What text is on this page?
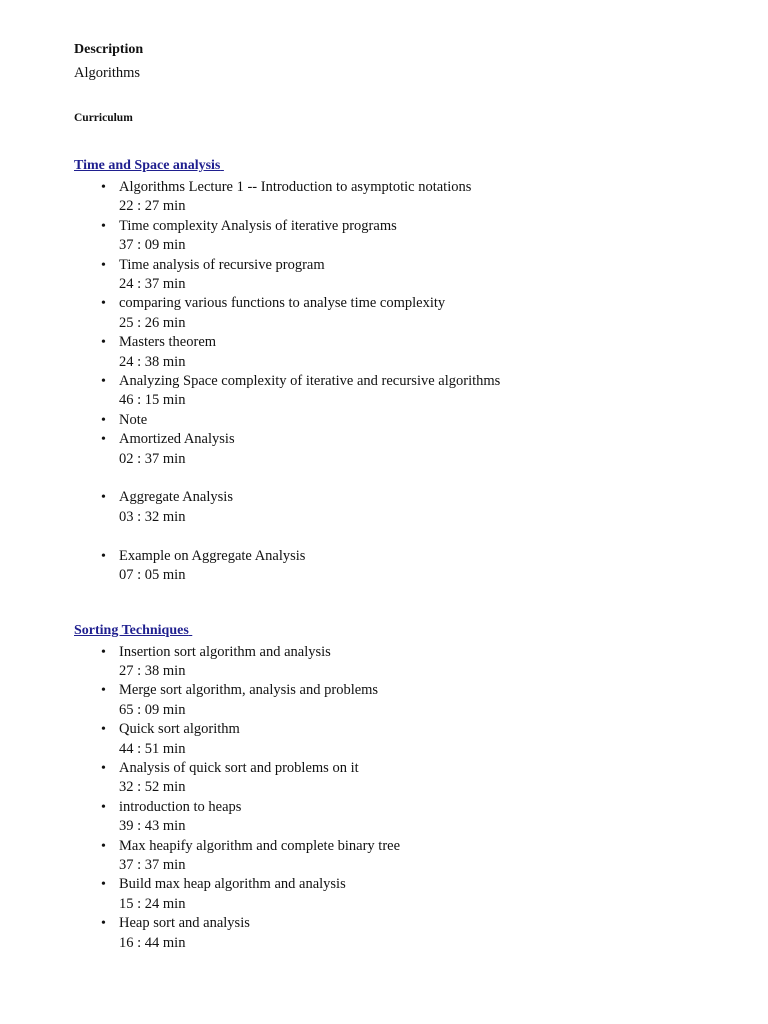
Description

Algorithms

Curriculum

Time and Space analysis
• Algorithms Lecture 1 -- Introduction to asymptotic notations
22 : 27 min
• Time complexity Analysis of iterative programs
37 : 09 min
• Time analysis of recursive program
24 : 37 min
• comparing various functions to analyse time complexity
25 : 26 min
• Masters theorem
24 : 38 min
• Analyzing Space complexity of iterative and recursive algorithms
46 : 15 min
• Note
• Amortized Analysis
02 : 37 min
• Aggregate Analysis
03 : 32 min
• Example on Aggregate Analysis
07 : 05 min
Sorting Techniques
• Insertion sort algorithm and analysis
27 : 38 min
• Merge sort algorithm, analysis and problems
65 : 09 min
• Quick sort algorithm
44 : 51 min
• Analysis of quick sort and problems on it
32 : 52 min
• introduction to heaps
39 : 43 min
• Max heapify algorithm and complete binary tree
37 : 37 min
• Build max heap algorithm and analysis
15 : 24 min
• Heap sort and analysis
16 : 44 min
